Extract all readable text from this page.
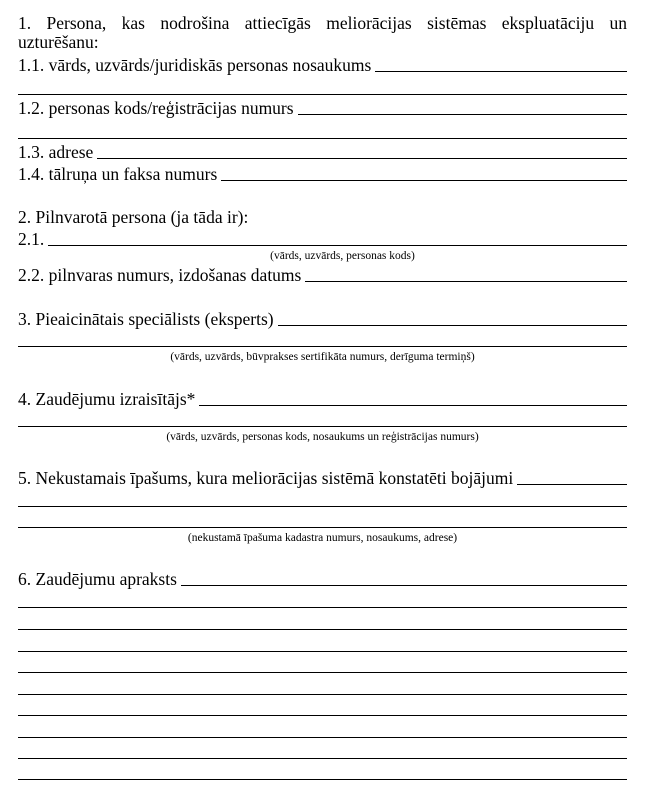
1. Persona, kas nodrošina attiecīgās meliorācijas sistēmas ekspluatāciju un
uzturēšanu:
1.1. vārds, uzvārds/juridiskās personas nosaukums
1.2. personas kods/reģistrācijas numurs
1.3. adrese
1.4. tālruņa un faksa numurs
2. Pilnvarotā persona (ja tāda ir):
2.1.
(vārds, uzvārds, personas kods)
2.2. pilnvaras numurs, izdošanas datums
3. Pieaicinātais speciālists (eksperts)
(vārds, uzvārds, būvprakses sertifikāta numurs, derīguma termiņš)
4. Zaudējumu izraisītājs*
(vārds, uzvārds, personas kods, nosaukums un reģistrācijas numurs)
5. Nekustamais īpašums, kura meliorācijas sistēmā konstatēti bojājumi
(nekustamā īpašuma kadastra numurs, nosaukums, adrese)
6. Zaudējumu apraksts
